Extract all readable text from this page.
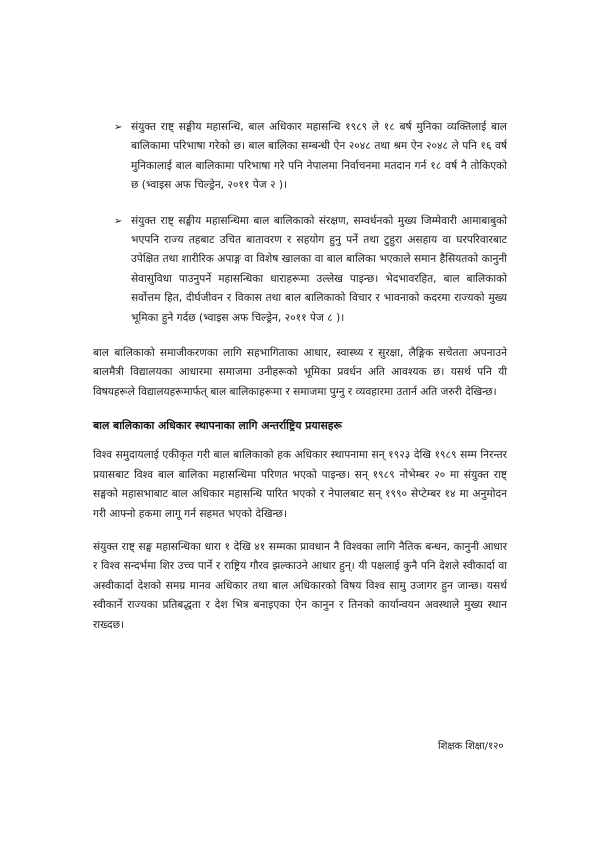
➢ संयुक्त राष्ट् सङ्घीय महासन्धि, बाल अधिकार महासन्धि १९८९ ले १८ बर्ष मुनिका व्यक्तिलाई बाल बालिकामा परिभाषा गरेको छ। बाल बालिका सम्बन्धी ऐन २०४८ तथा श्रम ऐन २०४८ ले पनि १६ वर्ष मुनिकालाई बाल बालिकामा परिभाषा गरे पनि नेपालमा निर्वाचनमा मतदान गर्न १८ वर्ष नै तोकिएको छ (भ्वाइस अफ चिल्ड्रेन, २०११ पेज २ )।
➢ संयुक्त राष्ट् सङ्घीय महासन्धिमा बाल बालिकाको संरक्षण, सम्वर्धनको मुख्य जिम्मेवारी आमाबाबुको भएपनि राज्य तहबाट उचित बातावरण र सहयोग हुनु पर्ने तथा टुहुरा असहाय वा घरपरिवारबाट उपेक्षित तथा शारीरिक अपाङ्ग वा विशेष खालका वा बाल बालिका भएकाले समान हैसियतको कानुनी सेवासुविधा पाउनुपर्ने महासन्धिका धाराहरूमा उल्लेख पाइन्छ। भेदभावरहित, बाल बालिकाको सर्वोत्तम हित, दीर्घजीवन र विकास तथा बाल बालिकाको विचार र भावनाको कदरमा राज्यको मुख्य भूमिका हुने गर्दछ (भ्वाइस अफ चिल्ड्रेन, २०११ पेज ८ )।

बाल बालिकाको समाजीकरणका लागि सहभागिताका आधार, स्वास्थ्य र सुरक्षा, लैङ्गिक सचेतता अपनाउने बालमैत्री विद्यालयका आधारमा समाजमा उनीहरूको भूमिका प्रवर्धन अति आवश्यक छ। यसर्थ पनि यी विषयहरूले विद्यालयहरूमार्फत् बाल बालिकाहरूमा र समाजमा पुग्नु र व्यवहारमा उतार्न अति जरुरी देखिन्छ।

बाल बालिकाका अधिकार स्थापनाका लागि अन्तर्राष्ट्रिय प्रयासहरू

विश्व समुदायलाई एकीकृत गरी बाल बालिकाको हक अधिकार स्थापनामा सन् १९२३ देखि १९८९ सम्म निरन्तर प्रयासबाट विश्व बाल बालिका महासन्धिमा परिणत भएको पाइन्छ। सन् १९८९ नोभेम्बर २० मा संयुक्त राष्ट् सङ्घको महासभाबाट बाल अधिकार महासन्धि पारित भएको र नेपालबाट सन् १९९० सेप्टेम्बर १४ मा अनुमोदन गरी आफ्नो हकमा लागू गर्न सहमत भएको देखिन्छ।

संयुक्त राष्ट् सङ्घ महासन्धिका धारा १ देखि ४१ सम्मका प्रावधान नै विश्वका लागि नैतिक बन्धन, कानुनी आधार र विश्व सन्दर्भमा शिर उच्च पार्ने र राष्ट्रिय गौरव झल्काउने आधार हुन्। यी पक्षलाई कुनै पनि देशले स्वीकार्दा वा अस्वीकार्दा देशको समग्र मानव अधिकार तथा बाल अधिकारको विषय विश्व सामु उजागर हुन जान्छ। यसर्थ स्वीकार्ने राज्यका प्रतिबद्धता र देश भित्र बनाइएका ऐन कानुन र तिनको कार्यान्वयन अवस्थाले मुख्य स्थान राख्दछ।

शिक्षक शिक्षा/१२०
